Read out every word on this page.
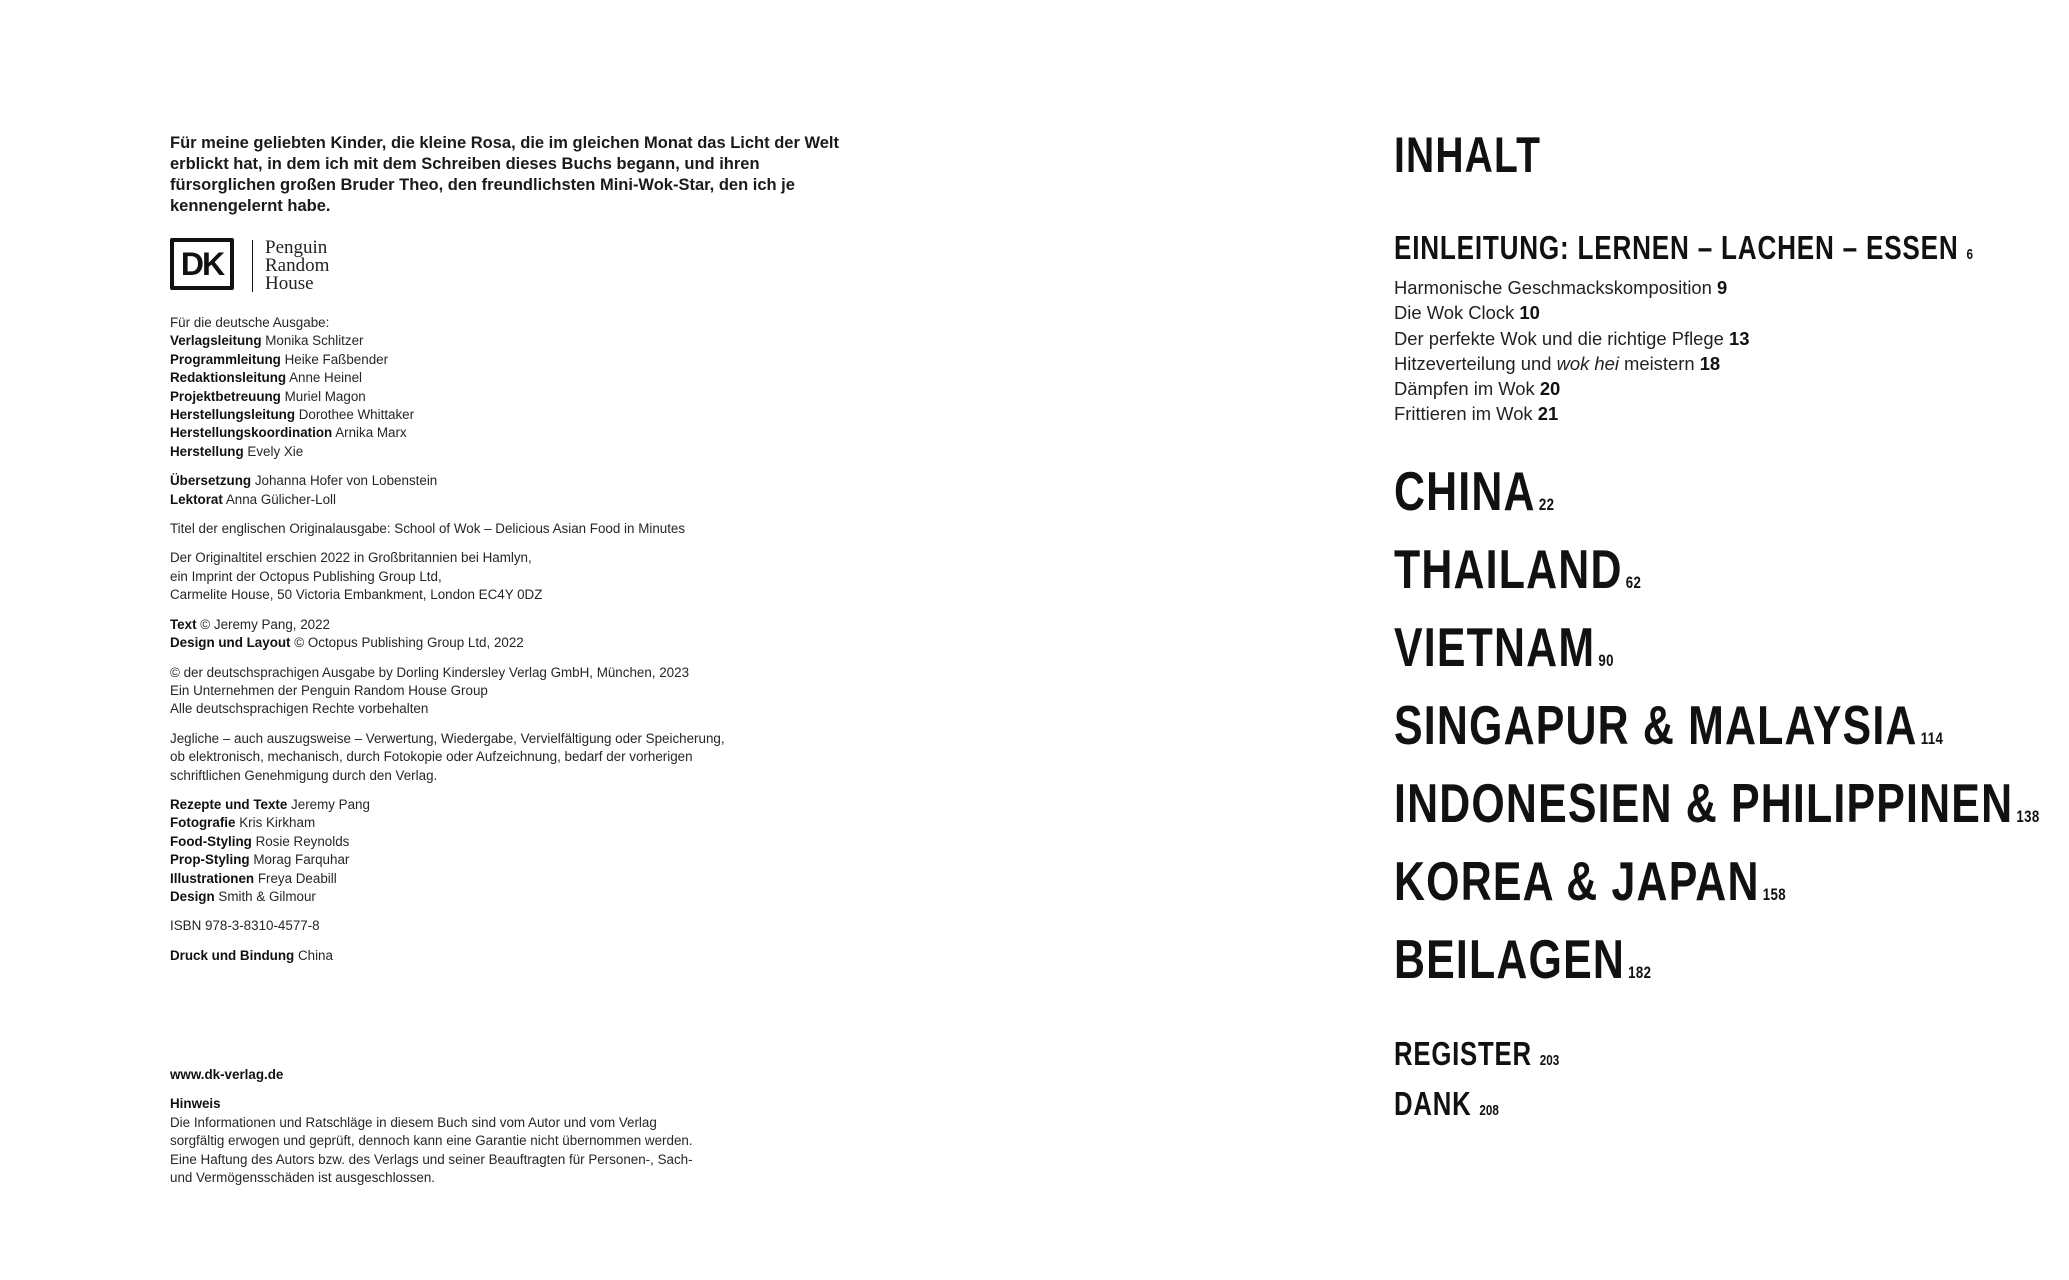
Für meine geliebten Kinder, die kleine Rosa, die im gleichen Monat das Licht der Welt erblickt hat, in dem ich mit dem Schreiben dieses Buchs begann, und ihren fürsorglichen großen Bruder Theo, den freundlichsten Mini-Wok-Star, den ich je kennengelernt habe.

DK	Penguin
Random
House

Für die deutsche Ausgabe:

Verlagsleitung Monika Schlitzer

Programmleitung Heike Faßbender

Redaktionsleitung Anne Heinel

Projektbetreuung Muriel Magon

Herstellungsleitung Dorothee Whittaker

Herstellungskoordination Arnika Marx

Herstellung Evely Xie

Übersetzung Johanna Hofer von Lobenstein

Lektorat Anna Gülicher-Loll

Titel der englischen Originalausgabe: School of Wok – Delicious Asian Food in Minutes

Der Originaltitel erschien 2022 in Großbritannien bei Hamlyn,

ein Imprint der Octopus Publishing Group Ltd,

Carmelite House, 50 Victoria Embankment, London EC4Y 0DZ

Text © Jeremy Pang, 2022

Design und Layout © Octopus Publishing Group Ltd, 2022

© der deutschsprachigen Ausgabe by Dorling Kindersley Verlag GmbH, München, 2023

Ein Unternehmen der Penguin Random House Group

Alle deutschsprachigen Rechte vorbehalten

Jegliche – auch auszugsweise – Verwertung, Wiedergabe, Vervielfältigung oder Speicherung,

ob elektronisch, mechanisch, durch Fotokopie oder Aufzeichnung, bedarf der vorherigen

schriftlichen Genehmigung durch den Verlag.

Rezepte und Texte Jeremy Pang

Fotografie Kris Kirkham

Food-Styling Rosie Reynolds

Prop-Styling Morag Farquhar

Illustrationen Freya Deabill

Design Smith & Gilmour

ISBN 978-3-8310-4577-8

Druck und Bindung China

www.dk-verlag.de

Hinweis

Die Informationen und Ratschläge in diesem Buch sind vom Autor und vom Verlag

sorgfältig erwogen und geprüft, dennoch kann eine Garantie nicht übernommen werden.

Eine Haftung des Autors bzw. des Verlags und seiner Beauftragten für Personen-, Sach-

und Vermögensschäden ist ausgeschlossen.

INHALT
EINLEITUNG: LERNEN – LACHEN – ESSEN 6
Harmonische Geschmackskomposition 9
Die Wok Clock 10
Der perfekte Wok und die richtige Pflege 13
Hitzeverteilung und wok hei meistern 18
Dämpfen im Wok 20
Frittieren im Wok 21
CHINA 22
THAILAND 62
VIETNAM 90
SINGAPUR & MALAYSIA 114
INDONESIEN & PHILIPPINEN 138
KOREA & JAPAN 158
BEILAGEN 182
REGISTER 203
DANK 208
